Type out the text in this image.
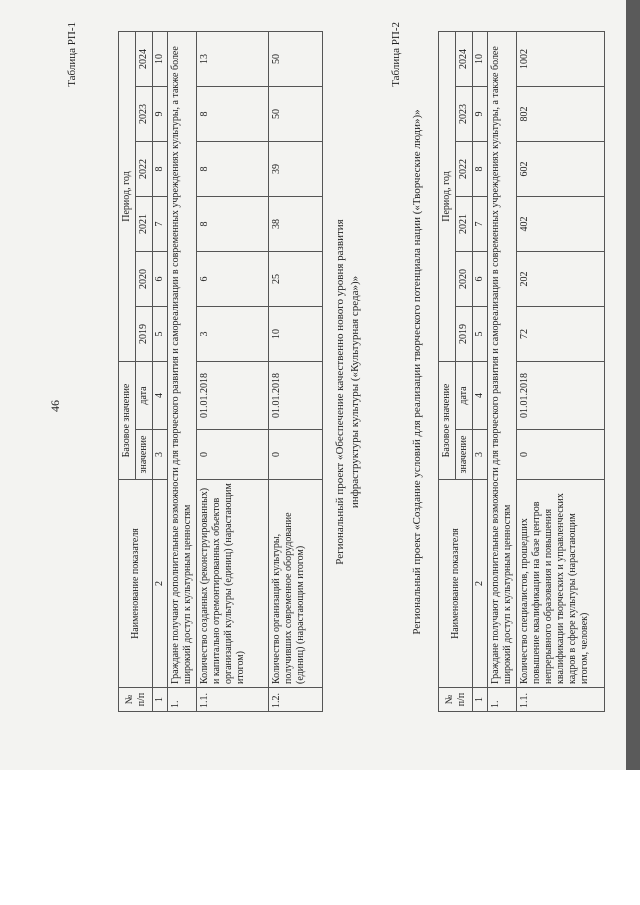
46
Таблица РП-1
№ п/п	Наименование показателя	Базовое значение		Период, год					
		значение	дата	2019	2020	2021	2022	2023	2024
1	2	3	4	5	6	7	8	9	10
1.	Граждане получают дополнительные возможности для творческого развития и самореализации в современных учреждениях культуры, а также более широкий доступ к культурным ценностям								
1.1.	Количество созданных (реконструированных) и капитально отремонтированных объектов организаций культуры (единиц) (нарастающим итогом)	0	01.01.2018	3	6	8	8	8	13
1.2.	Количество организаций культуры, получивших современное оборудование (единиц) (нарастающим итогом)	0	01.01.2018	10	25	38	39	50	50
Региональный проект «Обеспечение качественно нового уровня развития инфраструктуры культуры («Культурная среда»)»
Таблица РП-2
Региональный проект «Создание условий для реализации творческого потенциала нации («Творческие люди»)»
№ п/п	Наименование показателя	Базовое значение		Период, год					
		значение	дата	2019	2020	2021	2022	2023	2024
1	2	3	4	5	6	7	8	9	10
1.	Граждане получают дополнительные возможности для творческого развития и самореализации в современных учреждениях культуры, а также более широкий доступ к культурным ценностям								
1.1.	Количество специалистов, прошедших повышение квалификации на базе центров непрерывного образования и повышения квалификации творческих и управленческих кадров в сфере культуры (нарастающим итогом, человек)	0	01.01.2018	72	202	402	602	802	1002
